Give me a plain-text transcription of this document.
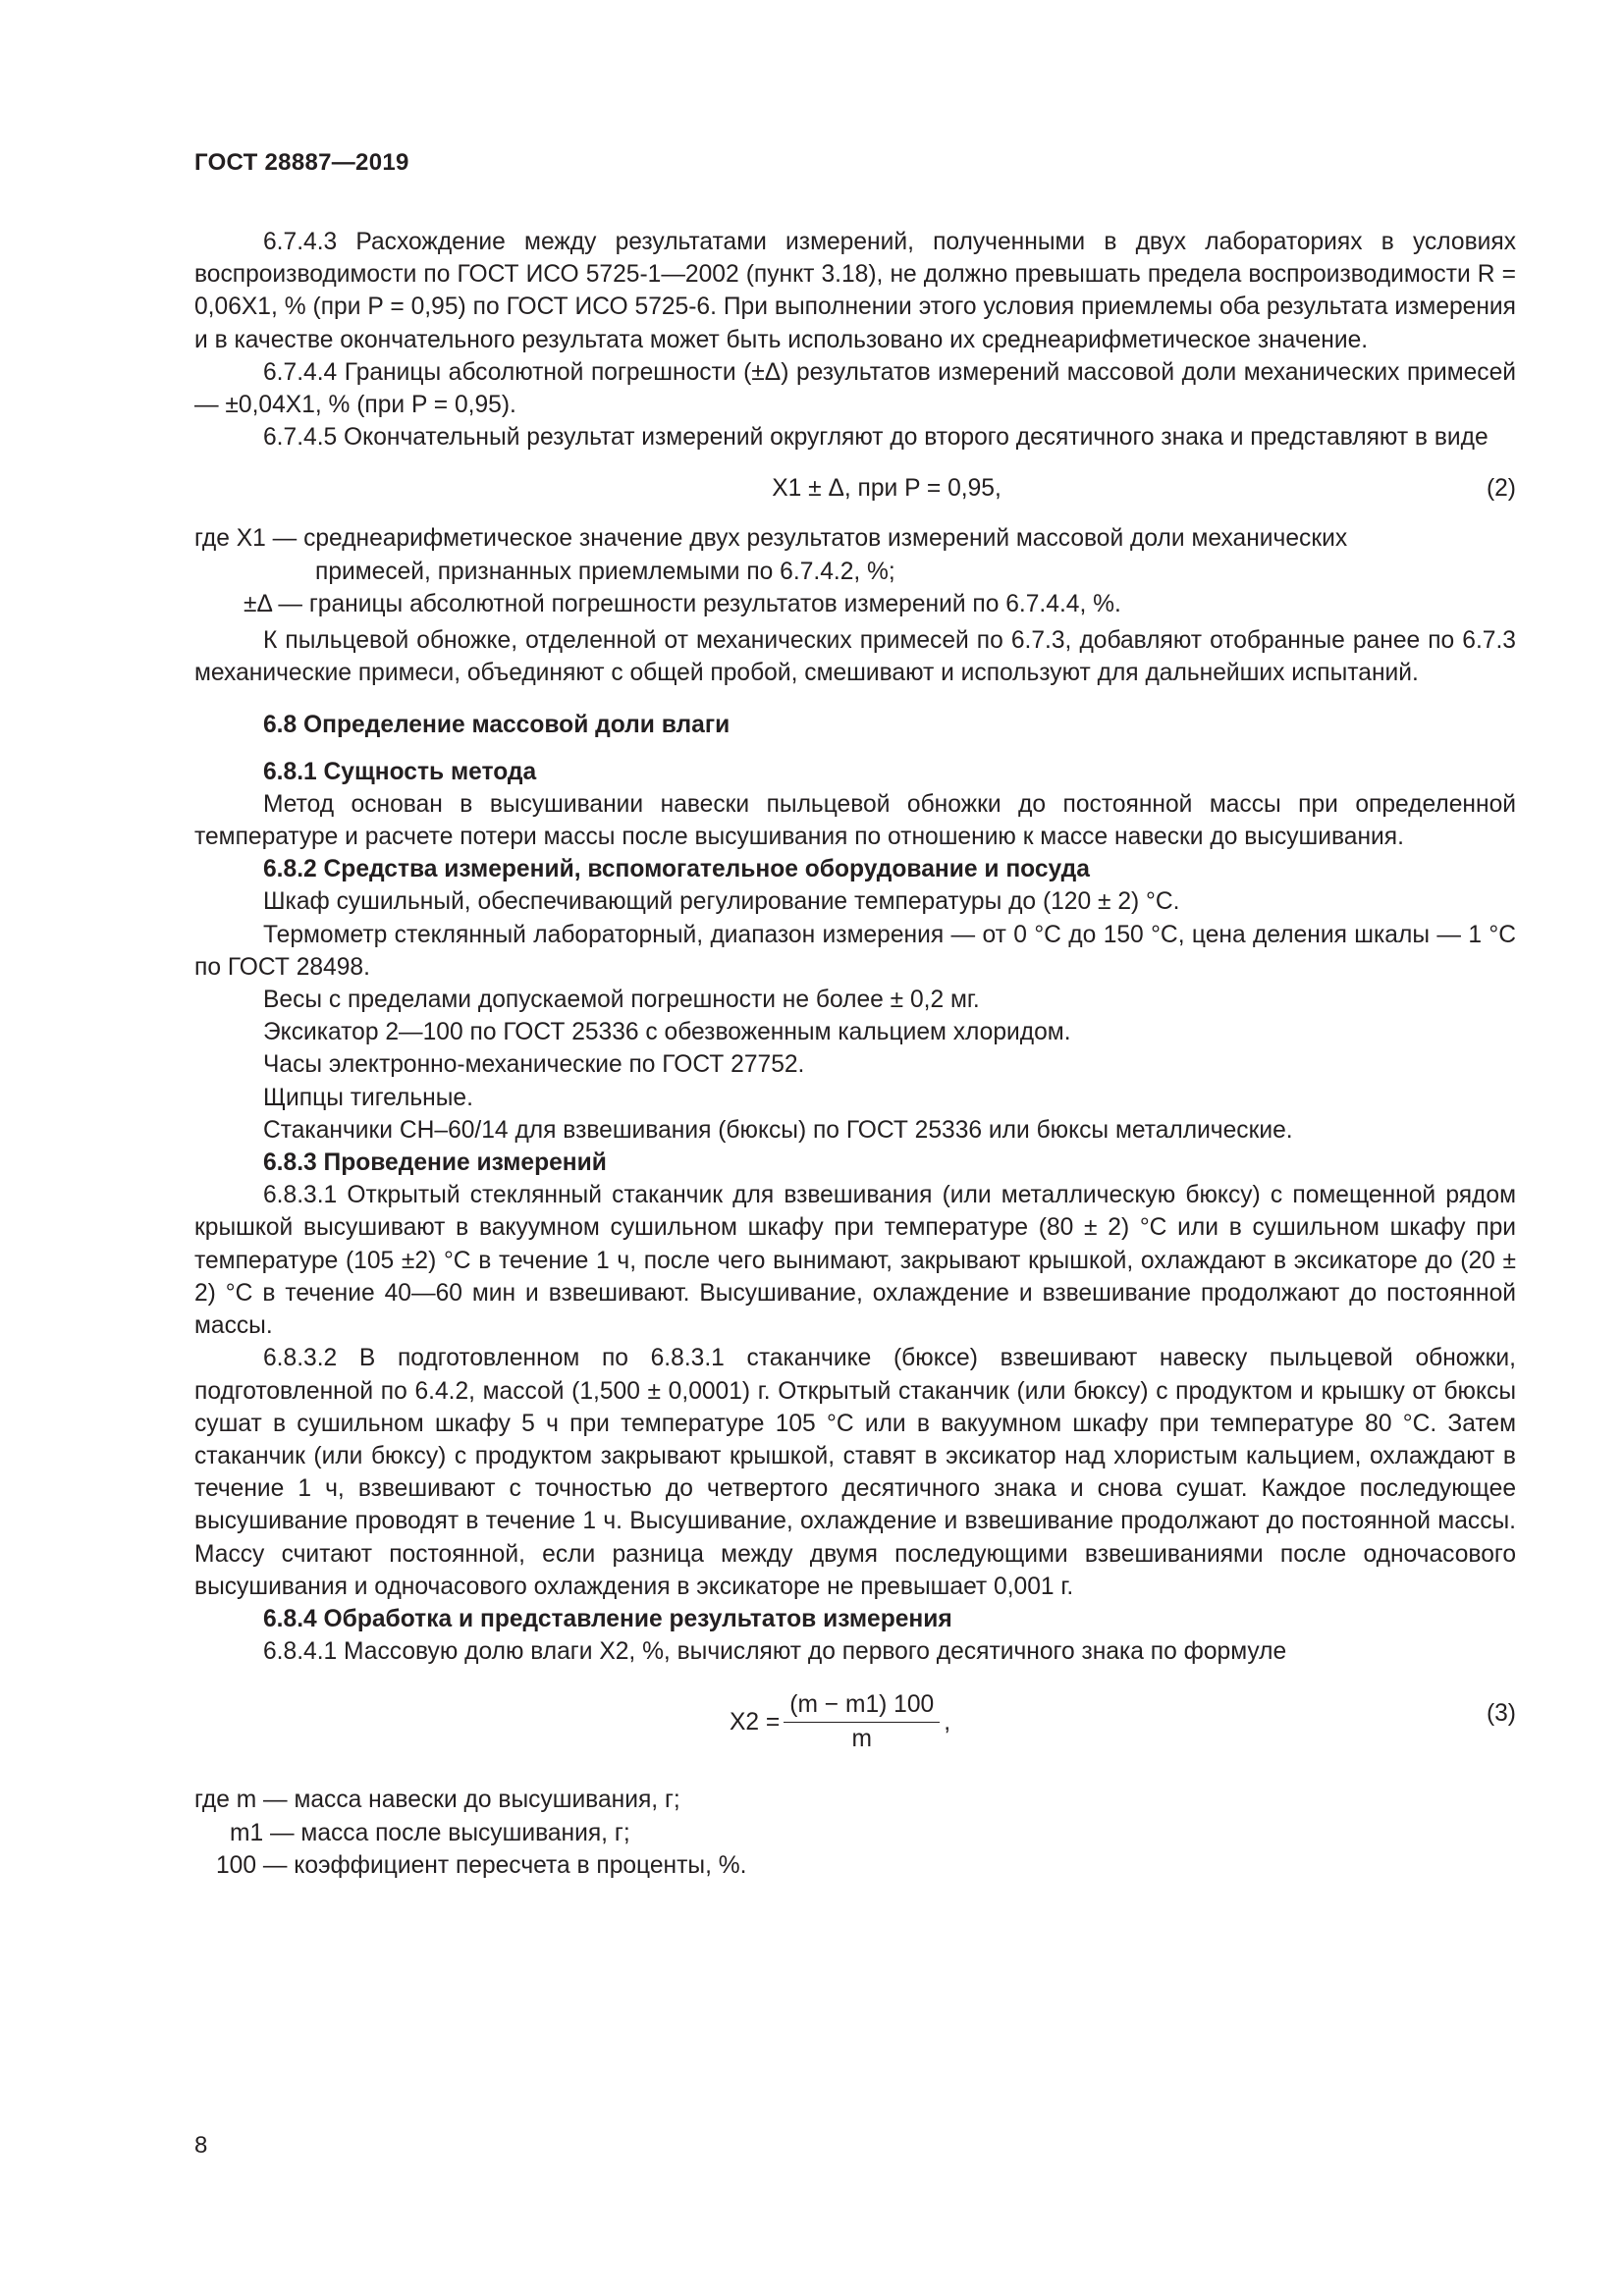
ГОСТ 28887—2019

6.7.4.3 Расхождение между результатами измерений, полученными в двух лабораториях в условиях воспроизводимости по ГОСТ ИСО 5725-1—2002 (пункт 3.18), не должно превышать предела воспроизводимости R = 0,06X1, % (при P = 0,95) по ГОСТ ИСО 5725-6. При выполнении этого условия приемлемы оба результата измерения и в качестве окончательного результата может быть использовано их среднеарифметическое значение.

6.7.4.4 Границы абсолютной погрешности (±Δ) результатов измерений массовой доли механических примесей — ±0,04X1, % (при P = 0,95).

6.7.4.5 Окончательный результат измерений округляют до второго десятичного знака и представляют в виде

X1 ± Δ, при P = 0,95,	(2)

где X1 — среднеарифметическое значение двух результатов измерений массовой доли механических

примесей, признанных приемлемыми по 6.7.4.2, %;

±Δ — границы абсолютной погрешности результатов измерений по 6.7.4.4, %.

К пыльцевой обножке, отделенной от механических примесей по 6.7.3, добавляют отобранные ранее по 6.7.3 механические примеси, объединяют с общей пробой, смешивают и используют для дальнейших испытаний.

6.8 Определение массовой доли влаги

6.8.1 Сущность метода

Метод основан в высушивании навески пыльцевой обножки до постоянной массы при определенной температуре и расчете потери массы после высушивания по отношению к массе навески до высушивания.

6.8.2 Средства измерений, вспомогательное оборудование и посуда

Шкаф сушильный, обеспечивающий регулирование температуры до (120 ± 2) °С.

Термометр стеклянный лабораторный, диапазон измерения — от 0 °С до 150 °С, цена деления шкалы — 1 °С по ГОСТ 28498.

Весы с пределами допускаемой погрешности не более ± 0,2 мг.

Эксикатор 2—100 по ГОСТ 25336 с обезвоженным кальцием хлоридом.

Часы электронно-механические по ГОСТ 27752.

Щипцы тигельные.

Стаканчики СН–60/14 для взвешивания (бюксы) по ГОСТ 25336 или бюксы металлические.

6.8.3 Проведение измерений

6.8.3.1 Открытый стеклянный стаканчик для взвешивания (или металлическую бюксу) с помещенной рядом крышкой высушивают в вакуумном сушильном шкафу при температуре (80 ± 2) °С или в сушильном шкафу при температуре (105 ±2) °С в течение 1 ч, после чего вынимают, закрывают крышкой, охлаждают в эксикаторе до (20 ± 2) °С в течение 40—60 мин и взвешивают. Высушивание, охлаждение и взвешивание продолжают до постоянной массы.

6.8.3.2 В подготовленном по 6.8.3.1 стаканчике (бюксе) взвешивают навеску пыльцевой обножки, подготовленной по 6.4.2, массой (1,500 ± 0,0001) г. Открытый стаканчик (или бюксу) с продуктом и крышку от бюксы сушат в сушильном шкафу 5 ч при температуре 105 °С или в вакуумном шкафу при температуре 80 °С. Затем стаканчик (или бюксу) с продуктом закрывают крышкой, ставят в эксикатор над хлористым кальцием, охлаждают в течение 1 ч, взвешивают с точностью до четвертого десятичного знака и снова сушат. Каждое последующее высушивание проводят в течение 1 ч. Высушивание, охлаждение и взвешивание продолжают до постоянной массы. Массу считают постоянной, если разница между двумя последующими взвешиваниями после одночасового высушивания и одночасового охлаждения в эксикаторе не превышает 0,001 г.

6.8.4 Обработка и представление результатов измерения

6.8.4.1 Массовую долю влаги X2, %, вычисляют до первого десятичного знака по формуле

$X2 = \frac{(m - m1) 100}{m}$ ,	(3)

где m — масса навески до высушивания, г;

m1 — масса после высушивания, г;

100 — коэффициент пересчета в проценты, %.

8
